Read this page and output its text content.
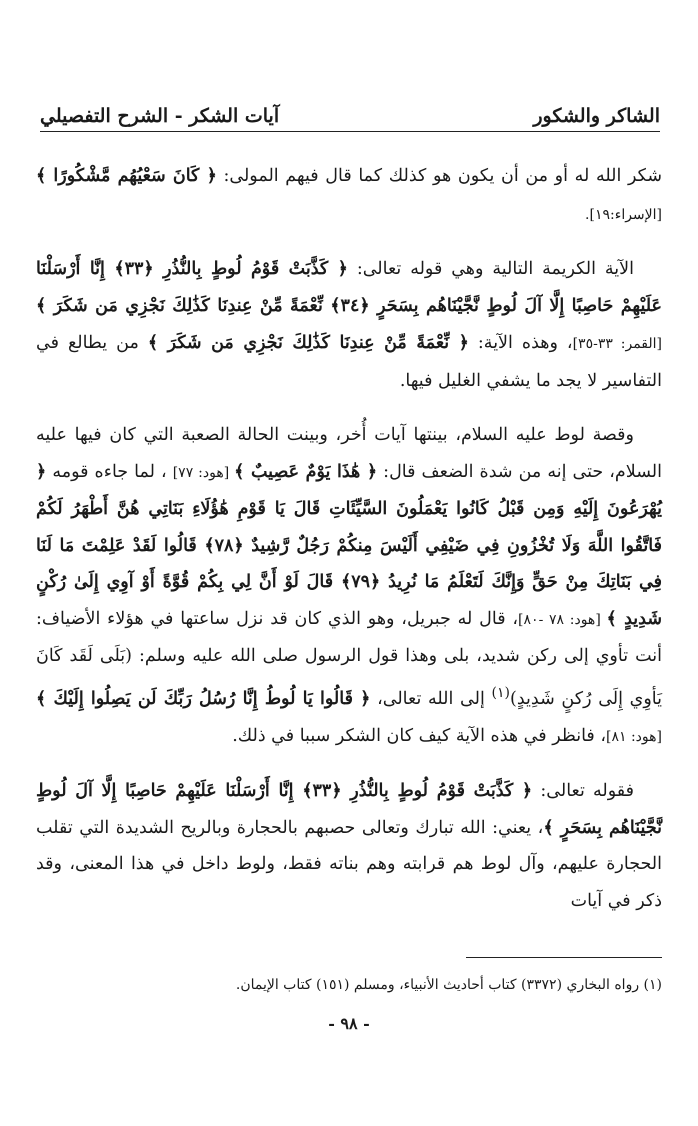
الشاكر والشكور
آيات الشكر - الشرح التفصيلي

شكر الله له أو من أن يكون هو كذلك كما قال فيهم المولى: ﴿ كَانَ سَعْيُهُم مَّشْكُورًا ﴾ [الإسراء:١٩].

الآية الكريمة التالية وهي قوله تعالى: ﴿ كَذَّبَتْ قَوْمُ لُوطٍ بِالنُّذُرِ ﴿٣٣﴾ إِنَّا أَرْسَلْنَا عَلَيْهِمْ حَاصِبًا إِلَّا آلَ لُوطٍ نَّجَّيْنَاهُم بِسَحَرٍ ﴿٣٤﴾ نِّعْمَةً مِّنْ عِندِنَا كَذَٰلِكَ نَجْزِي مَن شَكَرَ ﴾ [القمر: ٣٣-٣٥]، وهذه الآية: ﴿ نِّعْمَةً مِّنْ عِندِنَا كَذَٰلِكَ نَجْزِي مَن شَكَرَ ﴾ من يطالع في التفاسير لا يجد ما يشفي الغليل فيها.

وقصة لوط عليه السلام، بينتها آيات أُخر، وبينت الحالة الصعبة التي كان فيها عليه السلام، حتى إنه من شدة الضعف قال: ﴿ هَٰذَا يَوْمٌ عَصِيبٌ ﴾ [هود: ٧٧] ، لما جاءه قومه ﴿ يُهْرَعُونَ إِلَيْهِ وَمِن قَبْلُ كَانُوا يَعْمَلُونَ السَّيِّئَاتِ قَالَ يَا قَوْمِ هَٰؤُلَاءِ بَنَاتِي هُنَّ أَطْهَرُ لَكُمْ فَاتَّقُوا اللَّهَ وَلَا تُخْزُونِ فِي ضَيْفِي أَلَيْسَ مِنكُمْ رَجُلٌ رَّشِيدٌ ﴿٧٨﴾ قَالُوا لَقَدْ عَلِمْتَ مَا لَنَا فِي بَنَاتِكَ مِنْ حَقٍّ وَإِنَّكَ لَتَعْلَمُ مَا نُرِيدُ ﴿٧٩﴾ قَالَ لَوْ أَنَّ لِي بِكُمْ قُوَّةً أَوْ آوِي إِلَىٰ رُكْنٍ شَدِيدٍ ﴾ [هود: ٧٨ -٨٠]، قال له جبريل، وهو الذي كان قد نزل ساعتها في هؤلاء الأضياف: أنت تأوي إلى ركن شديد، بلى وهذا قول الرسول صلى الله عليه وسلم: (بَلَى لَقَد كَانَ يَأوِي إِلَى رُكنٍ شَدِيدٍ)$^{(١)}$ إلى الله تعالى، ﴿ قَالُوا يَا لُوطُ إِنَّا رُسُلُ رَبِّكَ لَن يَصِلُوا إِلَيْكَ ﴾ [هود: ٨١]، فانظر في هذه الآية كيف كان الشكر سببا في ذلك.

فقوله تعالى: ﴿ كَذَّبَتْ قَوْمُ لُوطٍ بِالنُّذُرِ ﴿٣٣﴾ إِنَّا أَرْسَلْنَا عَلَيْهِمْ حَاصِبًا إِلَّا آلَ لُوطٍ نَّجَّيْنَاهُم بِسَحَرٍ ﴾، يعني: الله تبارك وتعالى حصبهم بالحجارة وبالريح الشديدة التي تقلب الحجارة عليهم، وآل لوط هم قرابته وهم بناته فقط، ولوط داخل في هذا المعنى، وقد ذكر في آيات

(١) رواه البخاري (٣٣٧٢) كتاب أحاديث الأنبياء، ومسلم (١٥١) كتاب الإيمان.
- ٩٨ -
